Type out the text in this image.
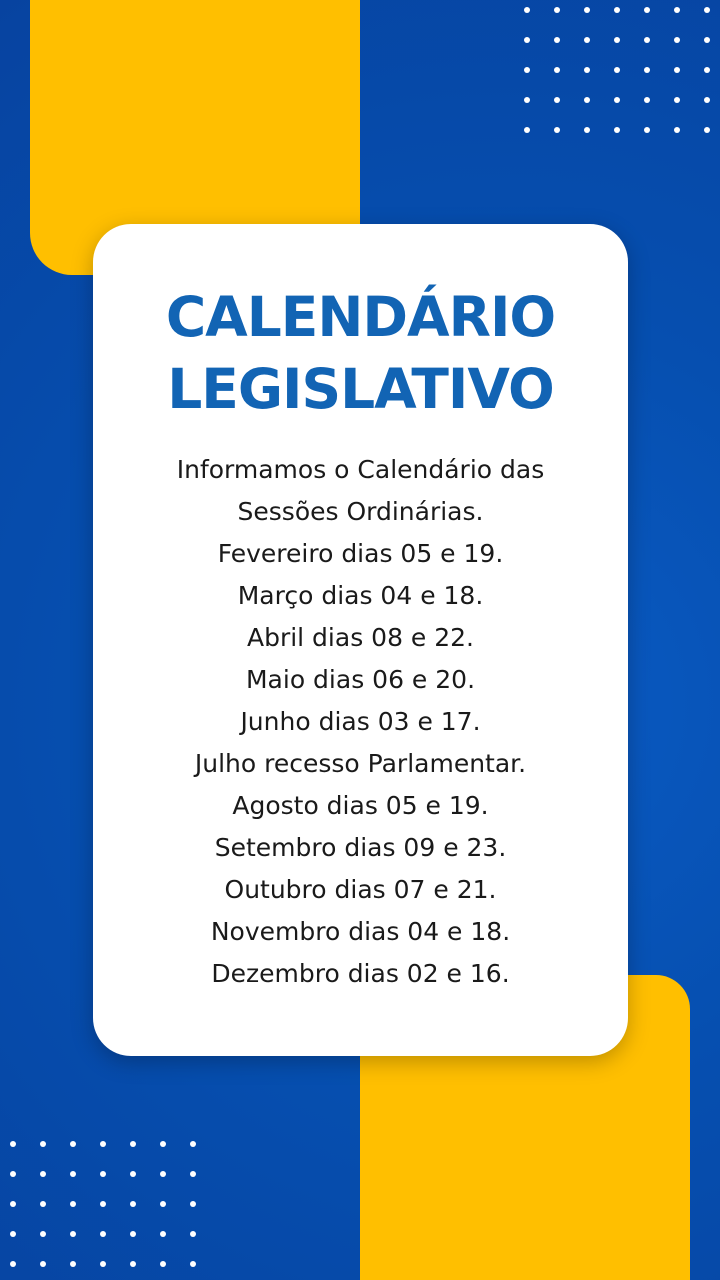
CALENDÁRIO
LEGISLATIVO
Informamos o Calendário das
Sessões Ordinárias.
Fevereiro dias 05 e 19.
Março dias 04 e 18.
Abril dias 08 e 22.
Maio dias 06 e 20.
Junho dias 03 e 17.
Julho recesso Parlamentar.
Agosto dias 05 e 19.
Setembro dias 09 e 23.
Outubro dias 07 e 21.
Novembro dias 04 e 18.
Dezembro dias 02 e 16.
